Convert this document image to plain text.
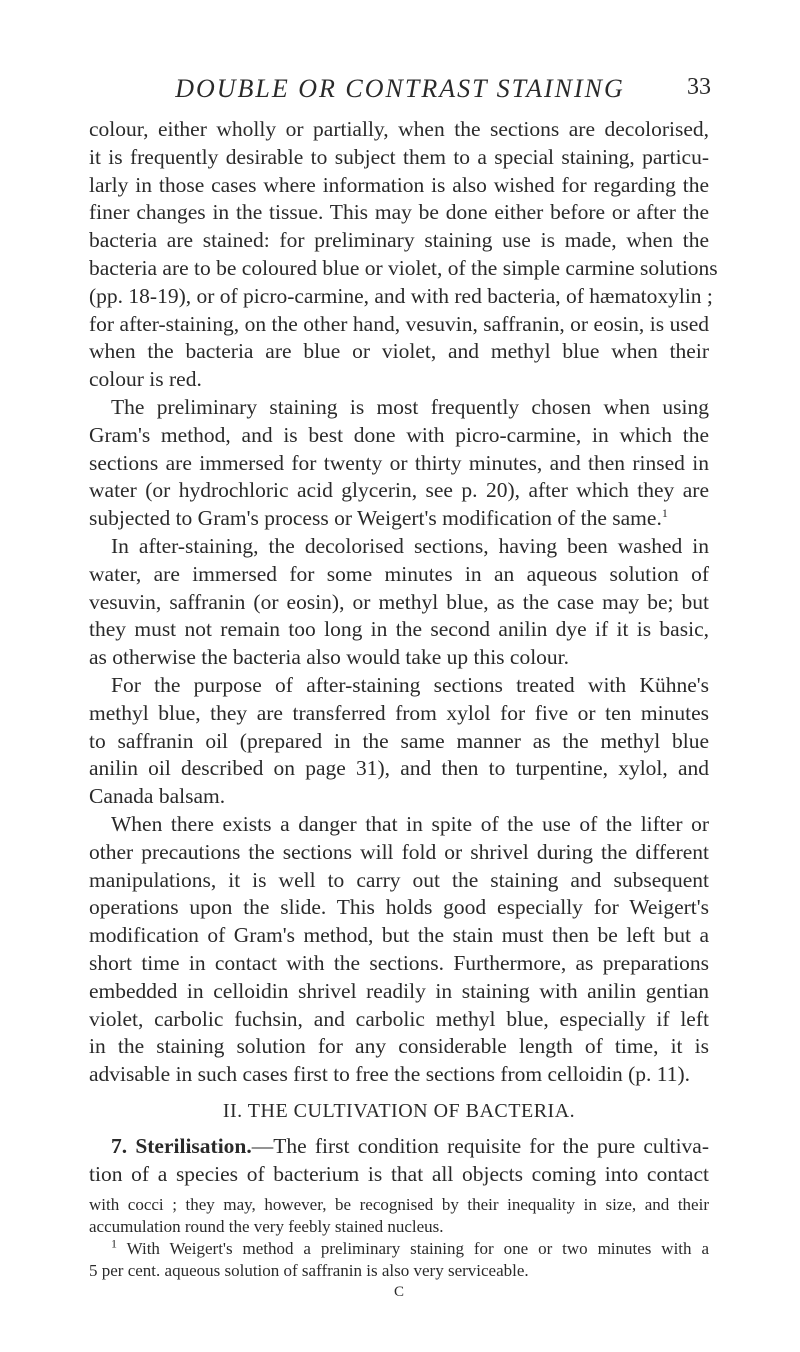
DOUBLE OR CONTRAST STAINING	33
colour, either wholly or partially, when the sections are decolorised,
it is frequently desirable to subject them to a special staining, particu-
larly in those cases where information is also wished for regarding the
finer changes in the tissue. This may be done either before or after the
bacteria are stained: for preliminary staining use is made, when the
bacteria are to be coloured blue or violet, of the simple carmine solutions
(pp. 18-19), or of picro-carmine, and with red bacteria, of hæmatoxylin ;
for after-staining, on the other hand, vesuvin, saffranin, or eosin, is used
when the bacteria are blue or violet, and methyl blue when their
colour is red.
The preliminary staining is most frequently chosen when using
Gram's method, and is best done with picro-carmine, in which the
sections are immersed for twenty or thirty minutes, and then rinsed in
water (or hydrochloric acid glycerin, see p. 20), after which they are
subjected to Gram's process or Weigert's modification of the same.$^1$
In after-staining, the decolorised sections, having been washed in
water, are immersed for some minutes in an aqueous solution of
vesuvin, saffranin (or eosin), or methyl blue, as the case may be; but
they must not remain too long in the second anilin dye if it is basic,
as otherwise the bacteria also would take up this colour.
For the purpose of after-staining sections treated with Kühne's
methyl blue, they are transferred from xylol for five or ten minutes
to saffranin oil (prepared in the same manner as the methyl blue
anilin oil described on page 31), and then to turpentine, xylol, and
Canada balsam.
When there exists a danger that in spite of the use of the lifter or
other precautions the sections will fold or shrivel during the different
manipulations, it is well to carry out the staining and subsequent
operations upon the slide. This holds good especially for Weigert's
modification of Gram's method, but the stain must then be left but a
short time in contact with the sections. Furthermore, as preparations
embedded in celloidin shrivel readily in staining with anilin gentian
violet, carbolic fuchsin, and carbolic methyl blue, especially if left
in the staining solution for any considerable length of time, it is
advisable in such cases first to free the sections from celloidin (p. 11).
II. THE CULTIVATION OF BACTERIA.
7. Sterilisation.—The first condition requisite for the pure cultiva-
tion of a species of bacterium is that all objects coming into contact
with cocci ; they may, however, be recognised by their inequality in size, and their
accumulation round the very feebly stained nucleus.
$^1$ With Weigert's method a preliminary staining for one or two minutes with a
5 per cent. aqueous solution of saffranin is also very serviceable.
C
